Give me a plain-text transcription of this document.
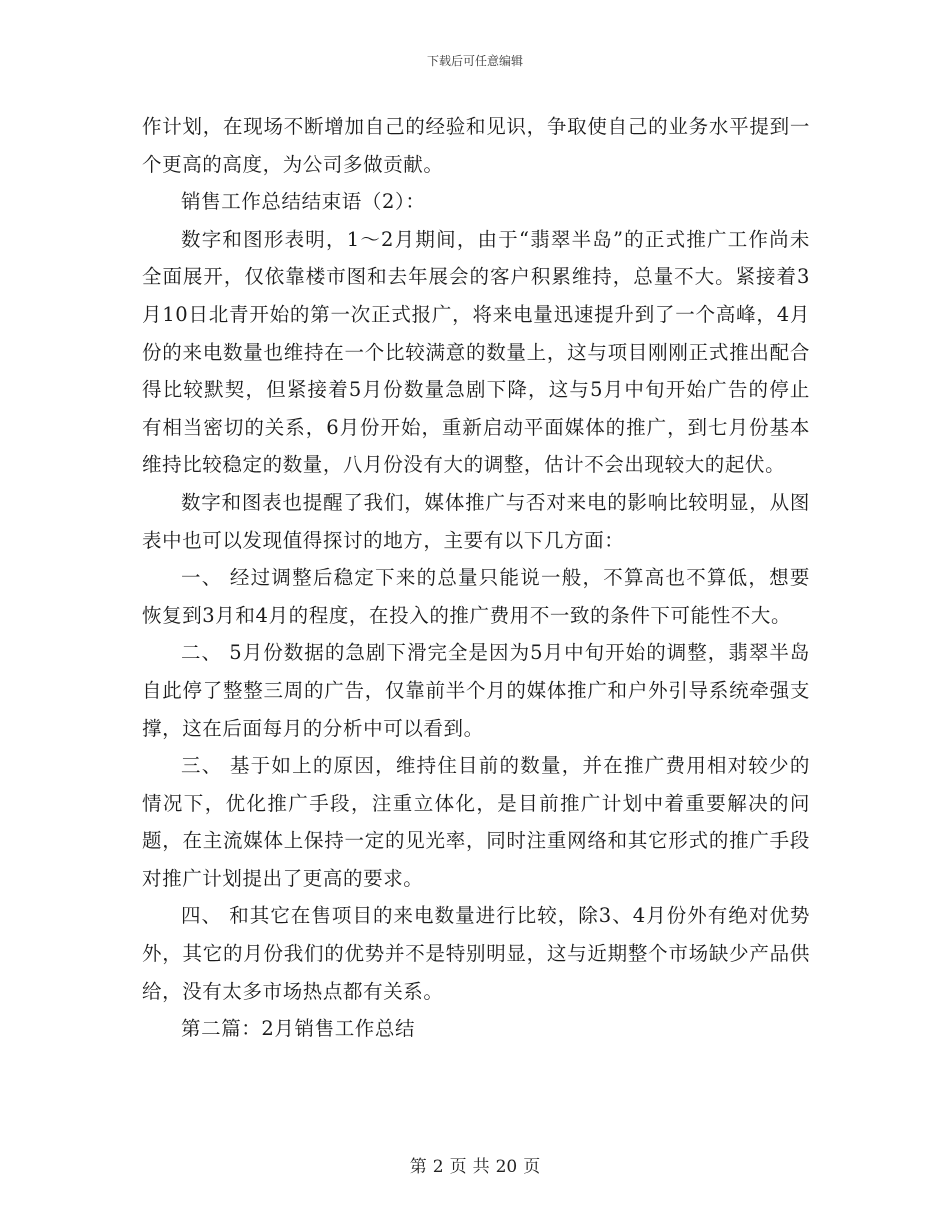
下载后可任意编辑

作计划，在现场不断增加自己的经验和见识，争取使自己的业务水平提到一个更高的高度，为公司多做贡献。

销售工作总结结束语（2）：

数字和图形表明，1～2月期间，由于“翡翠半岛”的正式推广工作尚未全面展开，仅依靠楼市图和去年展会的客户积累维持，总量不大。紧接着3月10日北青开始的第一次正式报广，将来电量迅速提升到了一个高峰，4月份的来电数量也维持在一个比较满意的数量上，这与项目刚刚正式推出配合得比较默契，但紧接着5月份数量急剧下降，这与5月中旬开始广告的停止有相当密切的关系，6月份开始，重新启动平面媒体的推广，到七月份基本维持比较稳定的数量，八月份没有大的调整，估计不会出现较大的起伏。

数字和图表也提醒了我们，媒体推广与否对来电的影响比较明显，从图表中也可以发现值得探讨的地方，主要有以下几方面：

一、 经过调整后稳定下来的总量只能说一般，不算高也不算低，想要恢复到3月和4月的程度，在投入的推广费用不一致的条件下可能性不大。

二、 5月份数据的急剧下滑完全是因为5月中旬开始的调整，翡翠半岛自此停了整整三周的广告，仅靠前半个月的媒体推广和户外引导系统牵强支撑，这在后面每月的分析中可以看到。

三、 基于如上的原因，维持住目前的数量，并在推广费用相对较少的情况下，优化推广手段，注重立体化，是目前推广计划中着重要解决的问题，在主流媒体上保持一定的见光率，同时注重网络和其它形式的推广手段对推广计划提出了更高的要求。

四、 和其它在售项目的来电数量进行比较，除3、4月份外有绝对优势外，其它的月份我们的优势并不是特别明显，这与近期整个市场缺少产品供给，没有太多市场热点都有关系。

第二篇：2月销售工作总结

第 2 页 共 20 页
